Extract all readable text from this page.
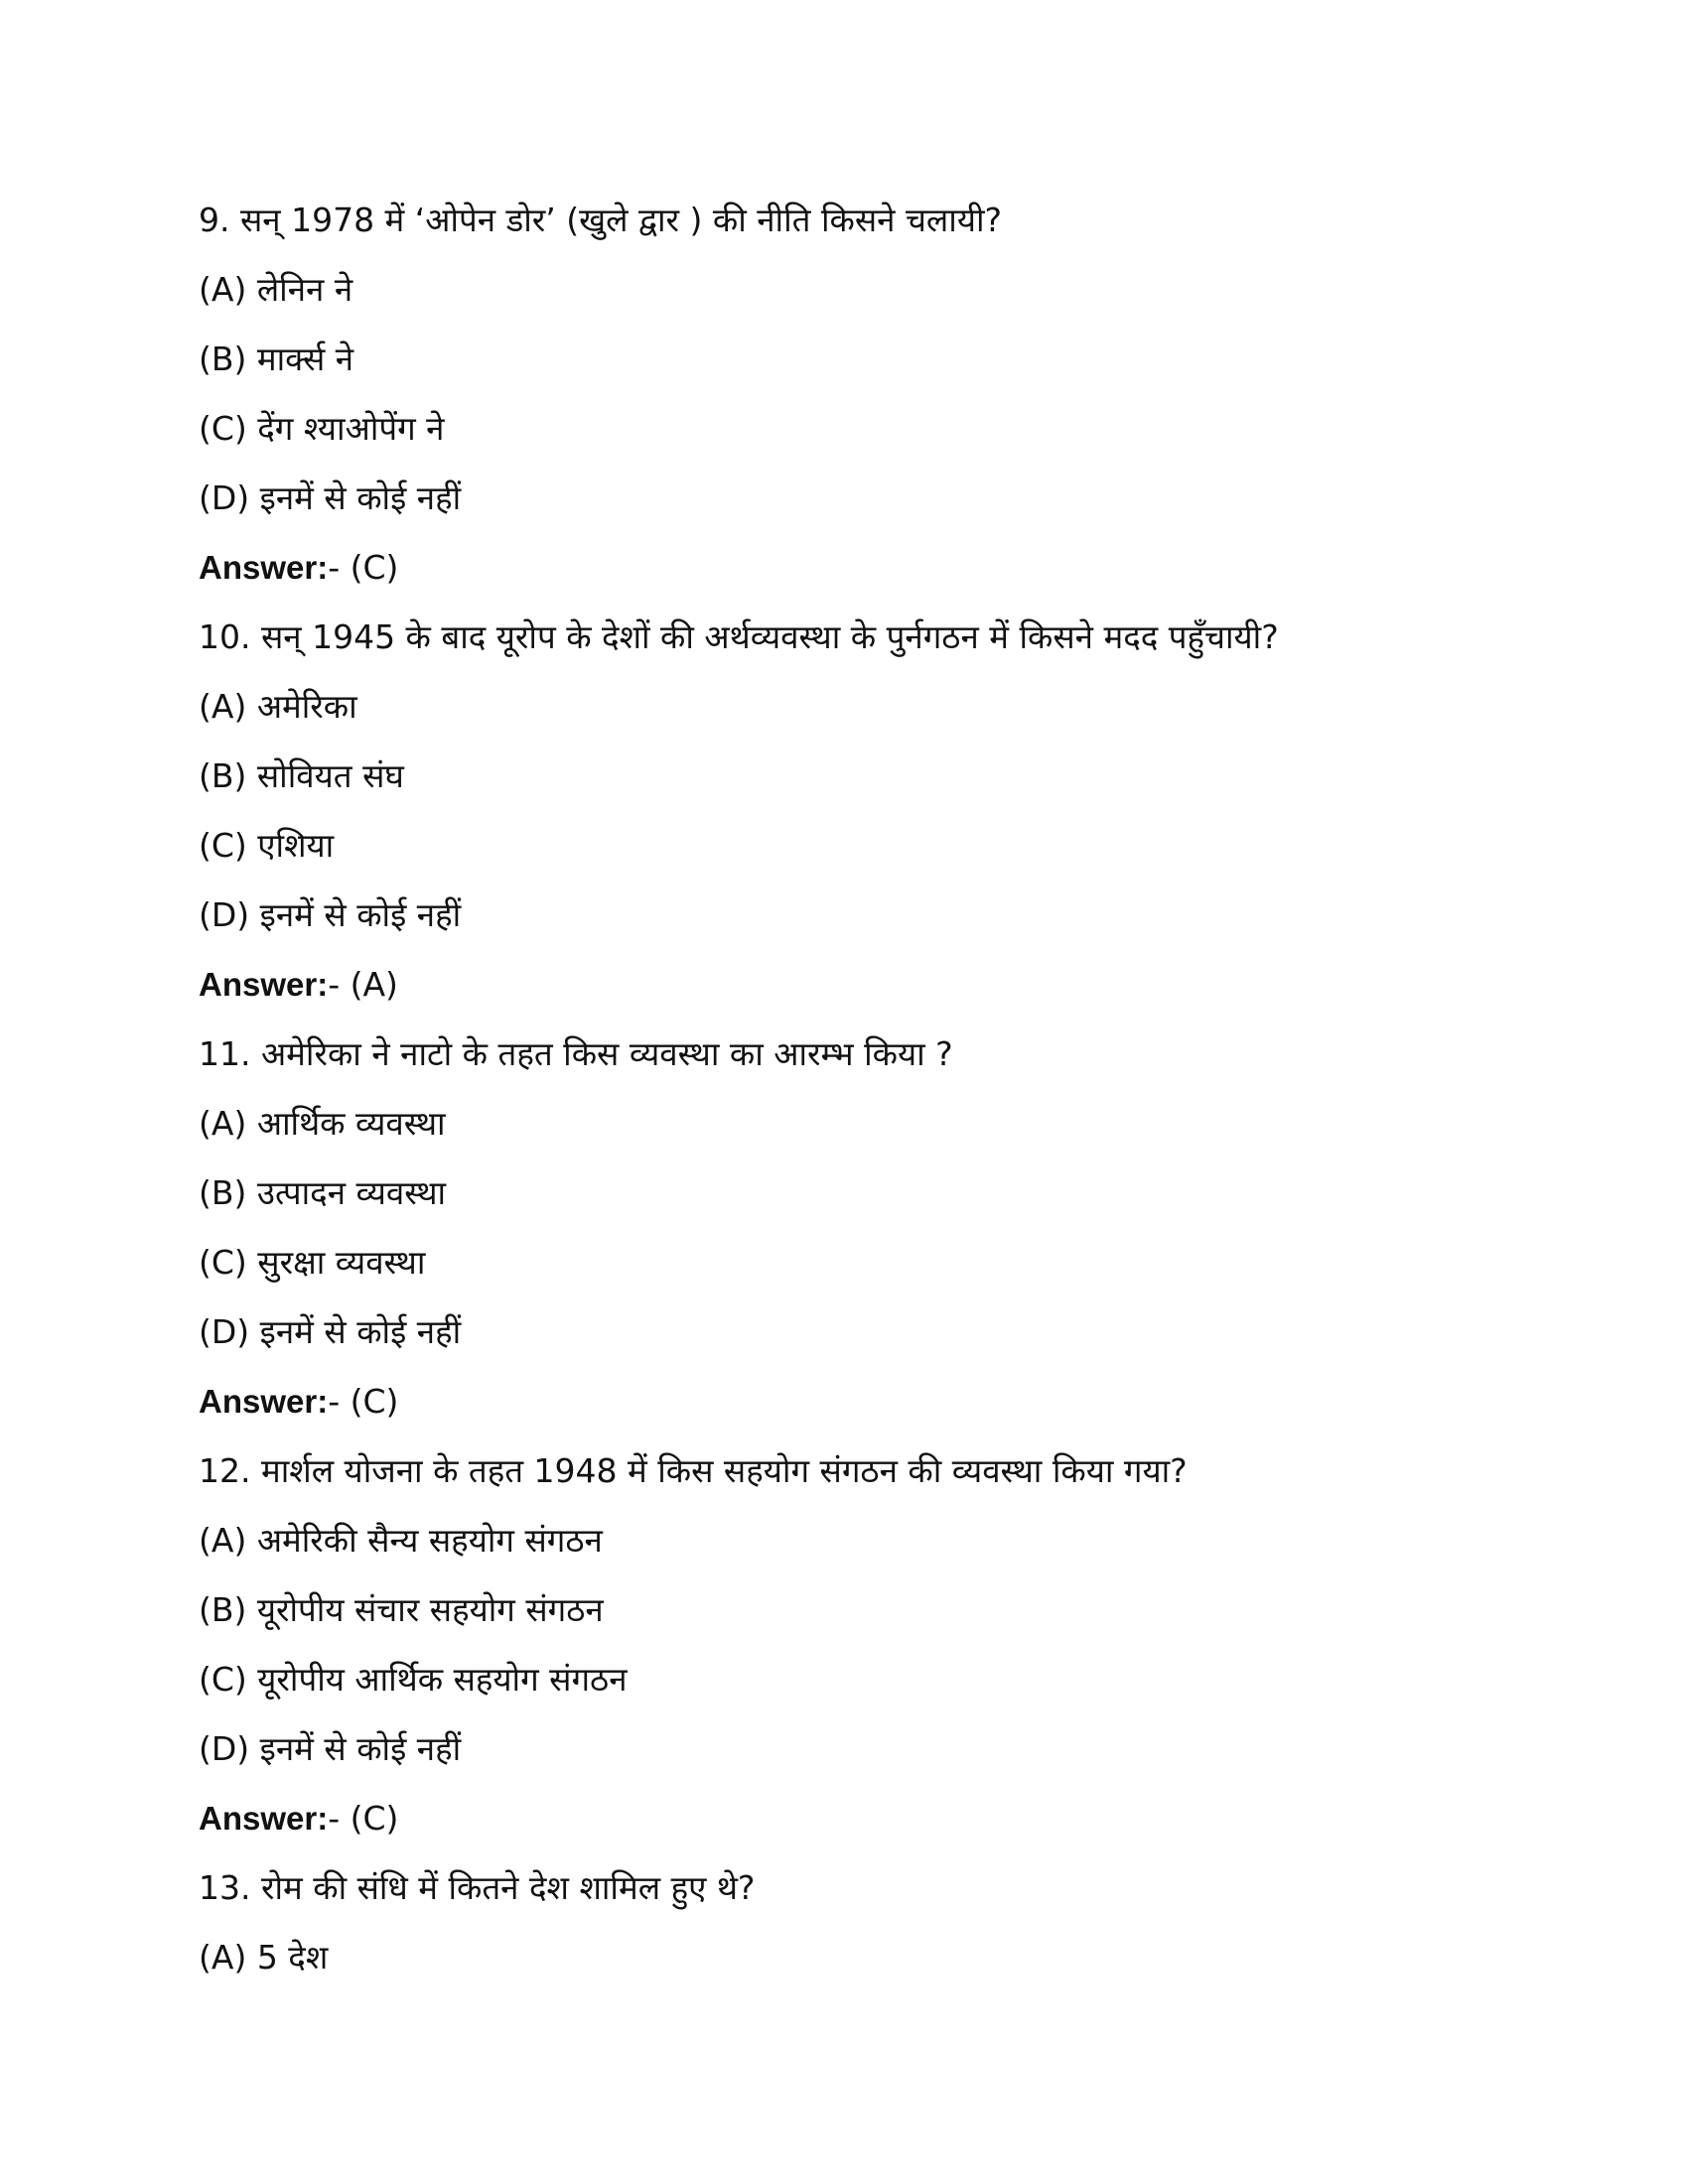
9. सन् 1978 में ‘ओपेन डोर’ (खुले द्वार ) की नीति किसने चलायी?
(A) लेनिन ने
(B) मार्क्स ने
(C) देंग श्याओपेंग ने
(D) इनमें से कोई नहीं
Answer:- (C)
10. सन् 1945 के बाद यूरोप के देशों की अर्थव्यवस्था के पुर्नगठन में किसने मदद पहुँचायी?
(A) अमेरिका
(B) सोवियत संघ
(C) एशिया
(D) इनमें से कोई नहीं
Answer:- (A)
11. अमेरिका ने नाटो के तहत किस व्यवस्था का आरम्भ किया ?
(A) आर्थिक व्यवस्था
(B) उत्पादन व्यवस्था
(C) सुरक्षा व्यवस्था
(D) इनमें से कोई नहीं
Answer:- (C)
12. मार्शल योजना के तहत 1948 में किस सहयोग संगठन की व्यवस्था किया गया?
(A) अमेरिकी सैन्य सहयोग संगठन
(B) यूरोपीय संचार सहयोग संगठन
(C) यूरोपीय आर्थिक सहयोग संगठन
(D) इनमें से कोई नहीं
Answer:- (C)
13. रोम की संधि में कितने देश शामिल हुए थे?
(A) 5 देश
